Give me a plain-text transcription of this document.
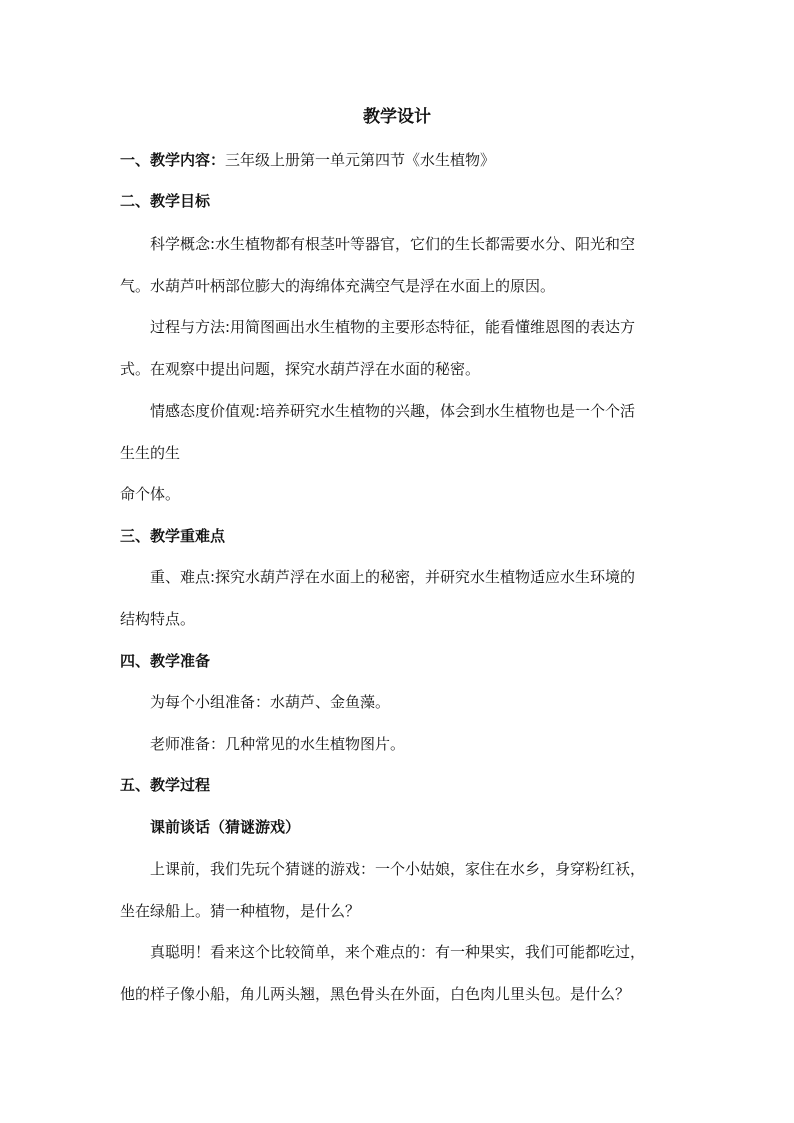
教学设计
一、教学内容：三年级上册第一单元第四节《水生植物》
二、教学目标
科学概念:水生植物都有根茎叶等器官，它们的生长都需要水分、阳光和空
气。水葫芦叶柄部位膨大的海绵体充满空气是浮在水面上的原因。
过程与方法:用简图画出水生植物的主要形态特征，能看懂维恩图的表达方
式。在观察中提出问题，探究水葫芦浮在水面的秘密。
情感态度价值观:培养研究水生植物的兴趣，体会到水生植物也是一个个活
生生的生
命个体。
三、教学重难点
重、难点:探究水葫芦浮在水面上的秘密，并研究水生植物适应水生环境的
结构特点。
四、教学准备
为每个小组准备：水葫芦、金鱼藻。
老师准备：几种常见的水生植物图片。
五、教学过程
课前谈话（猜谜游戏）
上课前，我们先玩个猜谜的游戏：一个小姑娘，家住在水乡，身穿粉红袄，
坐在绿船上。猜一种植物，是什么？
真聪明！看来这个比较简单，来个难点的：有一种果实，我们可能都吃过，
他的样子像小船，角儿两头翘，黑色骨头在外面，白色肉儿里头包。是什么？
